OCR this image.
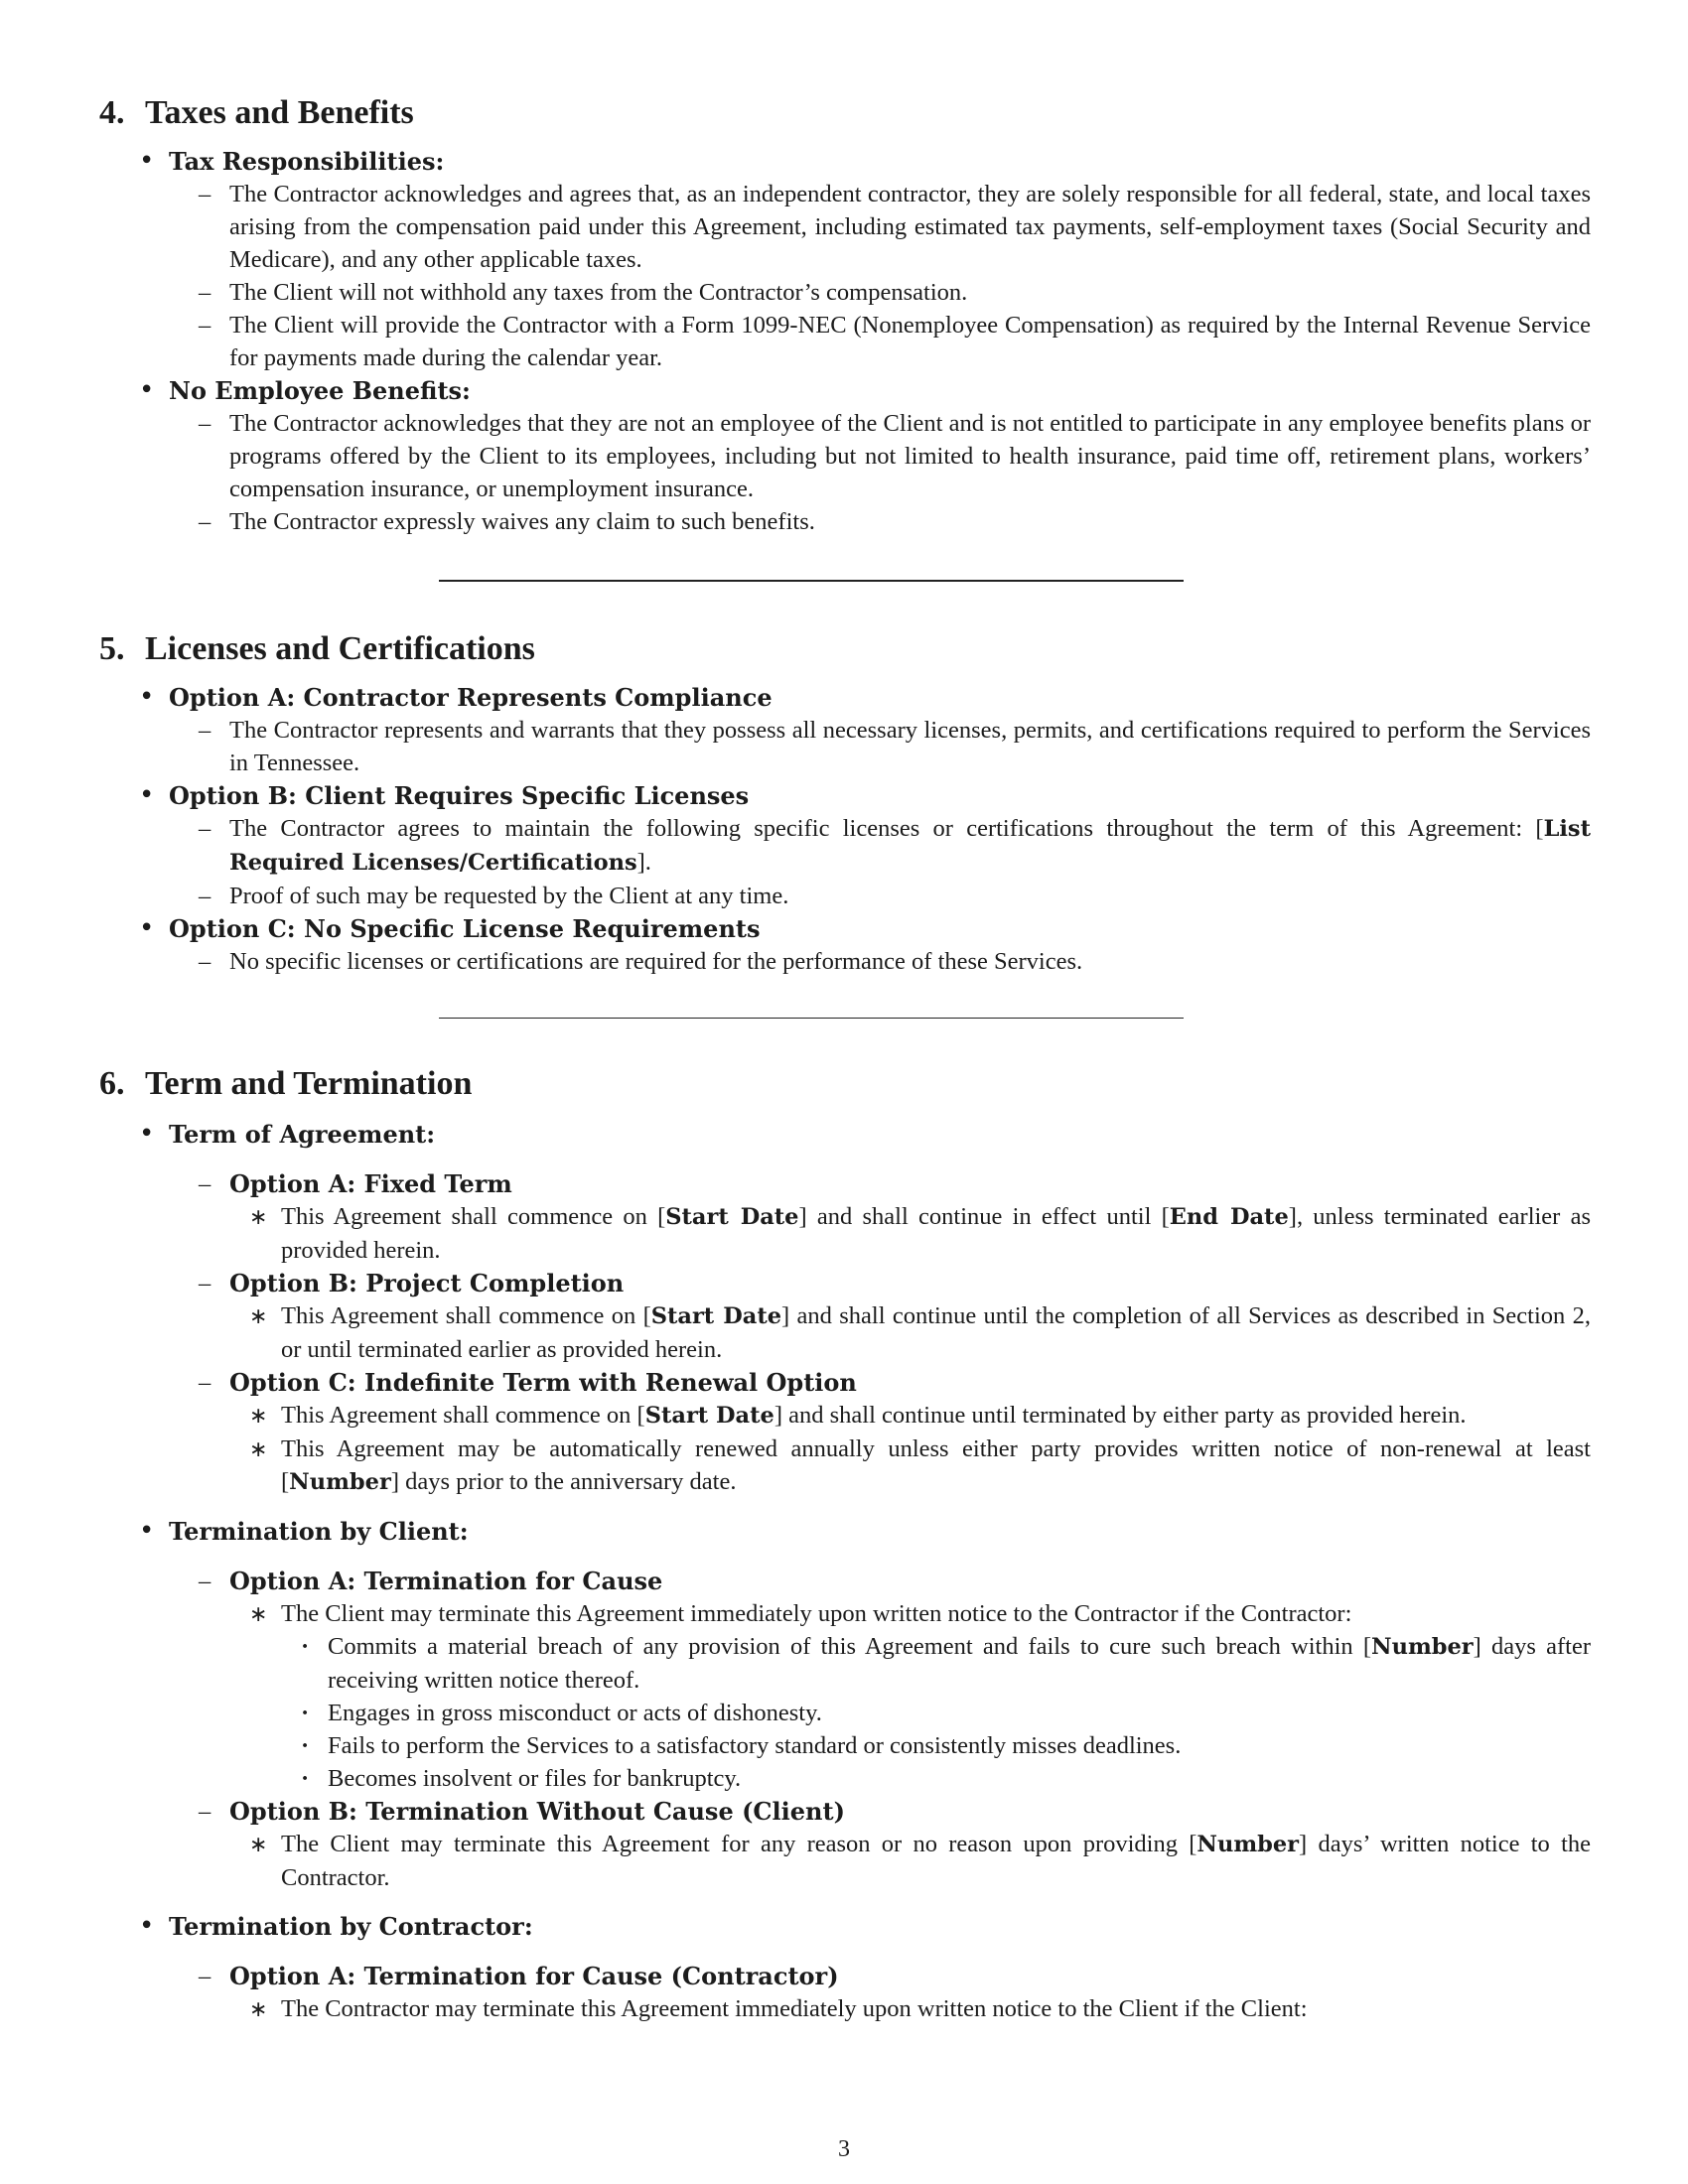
4. Taxes and Benefits
• Tax Responsibilities:
– The Contractor acknowledges and agrees that, as an independent contractor, they are solely responsible for all federal, state, and local taxes arising from the compensation paid under this Agreement, including estimated tax payments, self-employment taxes (Social Security and Medicare), and any other applicable taxes.
– The Client will not withhold any taxes from the Contractor’s compensation.
– The Client will provide the Contractor with a Form 1099-NEC (Nonemployee Compensation) as required by the Internal Revenue Service for payments made during the calendar year.
• No Employee Benefits:
– The Contractor acknowledges that they are not an employee of the Client and is not entitled to participate in any employee benefits plans or programs offered by the Client to its employees, including but not limited to health insurance, paid time off, retirement plans, workers’ compensation insurance, or unemployment insurance.
– The Contractor expressly waives any claim to such benefits.
5. Licenses and Certifications
• Option A: Contractor Represents Compliance
– The Contractor represents and warrants that they possess all necessary licenses, permits, and certifications required to perform the Services in Tennessee.
• Option B: Client Requires Specific Licenses
– The Contractor agrees to maintain the following specific licenses or certifications throughout the term of this Agreement: [List Required Licenses/Certifications].
– Proof of such may be requested by the Client at any time.
• Option C: No Specific License Requirements
– No specific licenses or certifications are required for the performance of these Services.
6. Term and Termination
• Term of Agreement:
– Option A: Fixed Term
∗ This Agreement shall commence on [Start Date] and shall continue in effect until [End Date], unless terminated earlier as provided herein.
– Option B: Project Completion
∗ This Agreement shall commence on [Start Date] and shall continue until the completion of all Services as described in Section 2, or until terminated earlier as provided herein.
– Option C: Indefinite Term with Renewal Option
∗ This Agreement shall commence on [Start Date] and shall continue until terminated by either party as provided herein.
∗ This Agreement may be automatically renewed annually unless either party provides written notice of non-renewal at least [Number] days prior to the anniversary date.
• Termination by Client:
– Option A: Termination for Cause
∗ The Client may terminate this Agreement immediately upon written notice to the Contractor if the Contractor:
· Commits a material breach of any provision of this Agreement and fails to cure such breach within [Number] days after receiving written notice thereof.
· Engages in gross misconduct or acts of dishonesty.
· Fails to perform the Services to a satisfactory standard or consistently misses deadlines.
· Becomes insolvent or files for bankruptcy.
– Option B: Termination Without Cause (Client)
∗ The Client may terminate this Agreement for any reason or no reason upon providing [Number] days’ written notice to the Contractor.
• Termination by Contractor:
– Option A: Termination for Cause (Contractor)
∗ The Contractor may terminate this Agreement immediately upon written notice to the Client if the Client:
3
